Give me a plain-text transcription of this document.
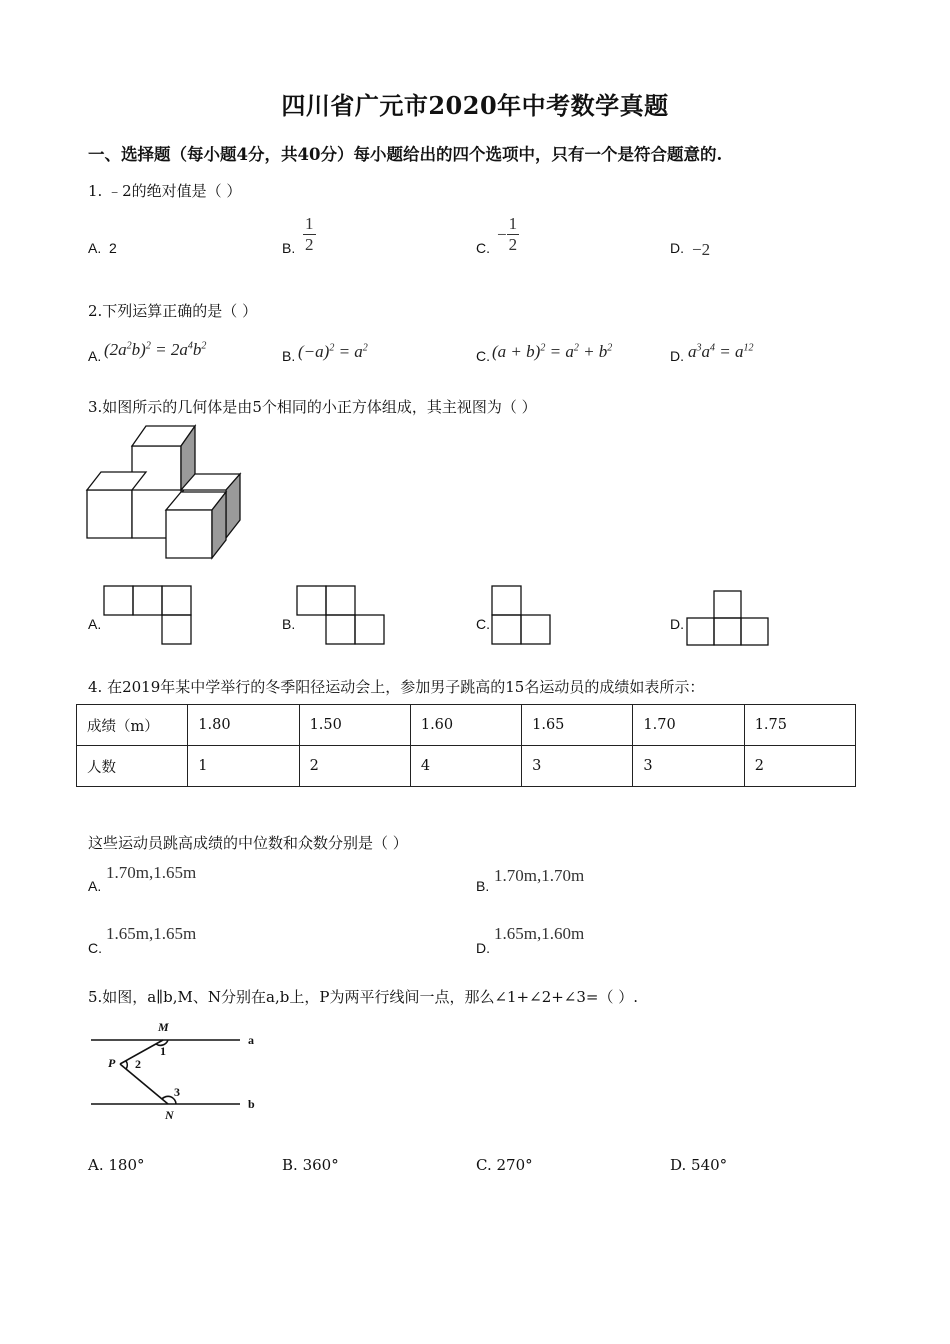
四川省广元市2020年中考数学真题
一、选择题（每小题4分，共40分）每小题给出的四个选项中，只有一个是符合题意的.
1. ﹣2的绝对值是（ ）
A. 2	B. $\frac{1}{2}$	C.
− $\frac{1}{2}$	D. −2
2.下列运算正确的是（ ）
A. $(2a^2b)^2 = 2a^4b^2$
B. $(-a)^2 = a^2$
C. $(a + b)^2 = a^2 + b^2$
D. $a^3a^4 = a^{12}$
3.如图所示的几何体是由5个相同的小正方体组成，其主视图为（ ）
A.	B.	C.	D.
4. 在2019年某中学举行的冬季阳径运动会上，参加男子跳高的15名运动员的成绩如表所示：
成绩（m）	1.80	1.50	1.60	1.65	1.70	1.75
人数	1	2	4	3	3	2
这些运动员跳高成绩的中位数和众数分别是（ ）
A.
1.70m,1.65m
B.
1.70m,1.70m
C.
1.65m,1.65m
D.
1.65m,1.60m
5.如图，a∥b,M、N分别在a,b上，P为两平行线间一点，那么∠1+∠2+∠3=（ ）.
M
1
P 2
3
N
a
b
A. 180°	B. 360°	C. 270°	D. 540°
